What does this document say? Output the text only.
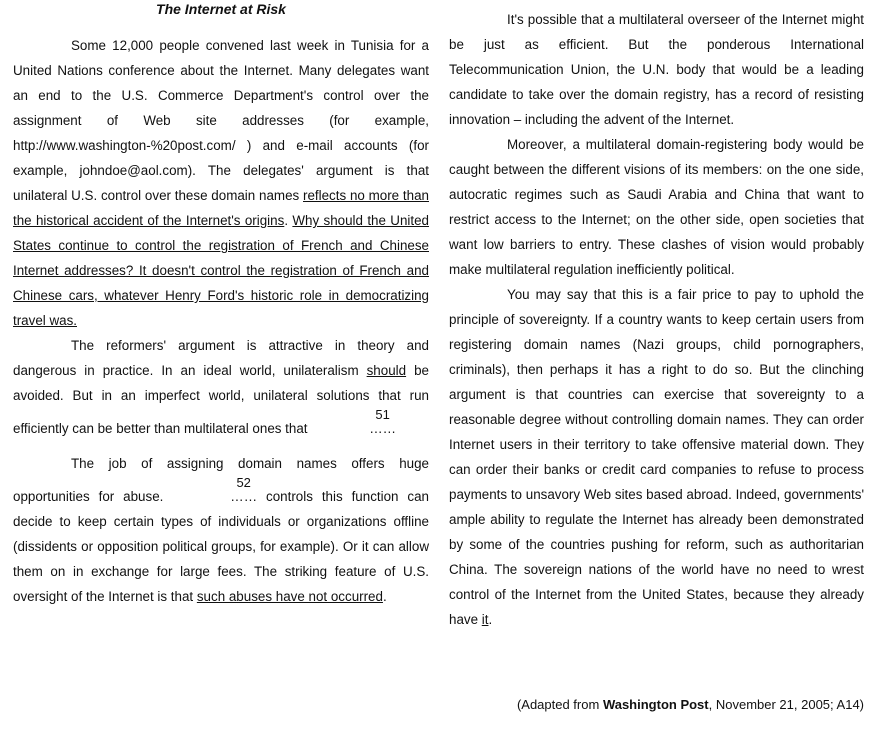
The Internet at Risk

Some 12,000 people convened last week in Tunisia for a United Nations conference about the Internet. Many delegates want an end to the U.S. Commerce Department's control over the assignment of Web site addresses (for example, http://www.washington-%20post.com/ ) and e-mail accounts (for example, johndoe@aol.com). The delegates' argument is that unilateral U.S. control over these domain names reflects no more than the historical accident of the Internet's origins. Why should the United States continue to control the registration of French and Chinese Internet addresses? It doesn't control the registration of French and Chinese cars, whatever Henry Ford's historic role in democratizing travel was.

The reformers' argument is attractive in theory and dangerous in practice. In an ideal world, unilateralism should be avoided. But in an imperfect world, unilateral solutions that run efficiently can be better than multilateral ones that
51
……

The job of assigning domain names offers huge opportunities for abuse.
52
…… controls this function can decide to keep certain types of individuals or organizations offline (dissidents or opposition political groups, for example). Or it can allow them on in exchange for large fees. The striking feature of U.S. oversight of the Internet is that such abuses have not occurred.

It's possible that a multilateral overseer of the Internet might be just as efficient. But the ponderous International Telecommunication Union, the U.N. body that would be a leading candidate to take over the domain registry, has a record of resisting innovation – including the advent of the Internet.

Moreover, a multilateral domain-registering body would be caught between the different visions of its members: on the one side, autocratic regimes such as Saudi Arabia and China that want to restrict access to the Internet; on the other side, open societies that want low barriers to entry. These clashes of vision would probably make multilateral regulation inefficiently political.

You may say that this is a fair price to pay to uphold the principle of sovereignty. If a country wants to keep certain users from registering domain names (Nazi groups, child pornographers, criminals), then perhaps it has a right to do so. But the clinching argument is that countries can exercise that sovereignty to a reasonable degree without controlling domain names. They can order Internet users in their territory to take offensive material down. They can order their banks or credit card companies to refuse to process payments to unsavory Web sites based abroad. Indeed, governments' ample ability to regulate the Internet has already been demonstrated by some of the countries pushing for reform, such as authoritarian China. The sovereign nations of the world have no need to wrest control of the Internet from the United States, because they already have it.

(Adapted from Washington Post, November 21, 2005; A14)
